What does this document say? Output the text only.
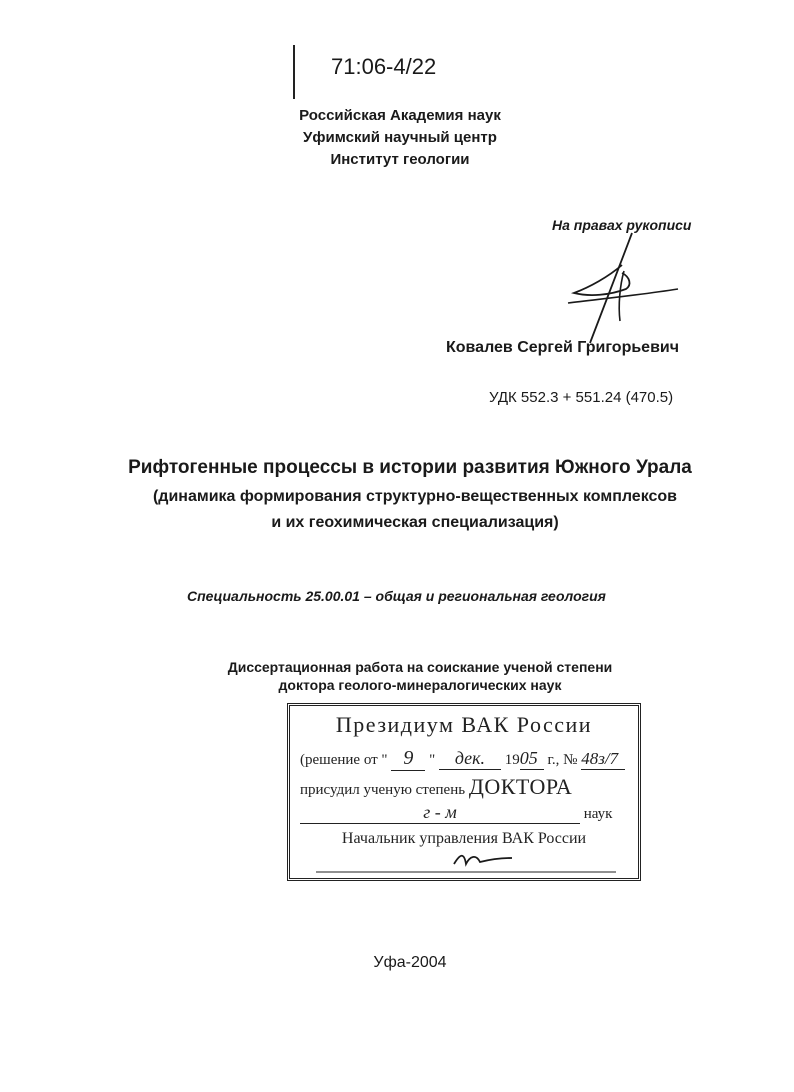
71:06-4/22
Российская Академия наук
Уфимский научный центр
Институт геологии
На правах рукописи
Ковалев Сергей Григорьевич
УДК 552.3 + 551.24 (470.5)
Рифтогенные процессы в истории развития Южного Урала
(динамика формирования структурно-вещественных комплексов
и их геохимическая специализация)
Специальность 25.00.01 – общая и региональная геология
Диссертационная работа на соискание ученой степени
доктора геолого-минералогических наук
Президиум ВАК России
(решение от " 9 " дек. 1905 г., № 48з/7
присудил ученую степень ДОКТОРА
г - м	наук
Начальник управления ВАК России
Уфа-2004
